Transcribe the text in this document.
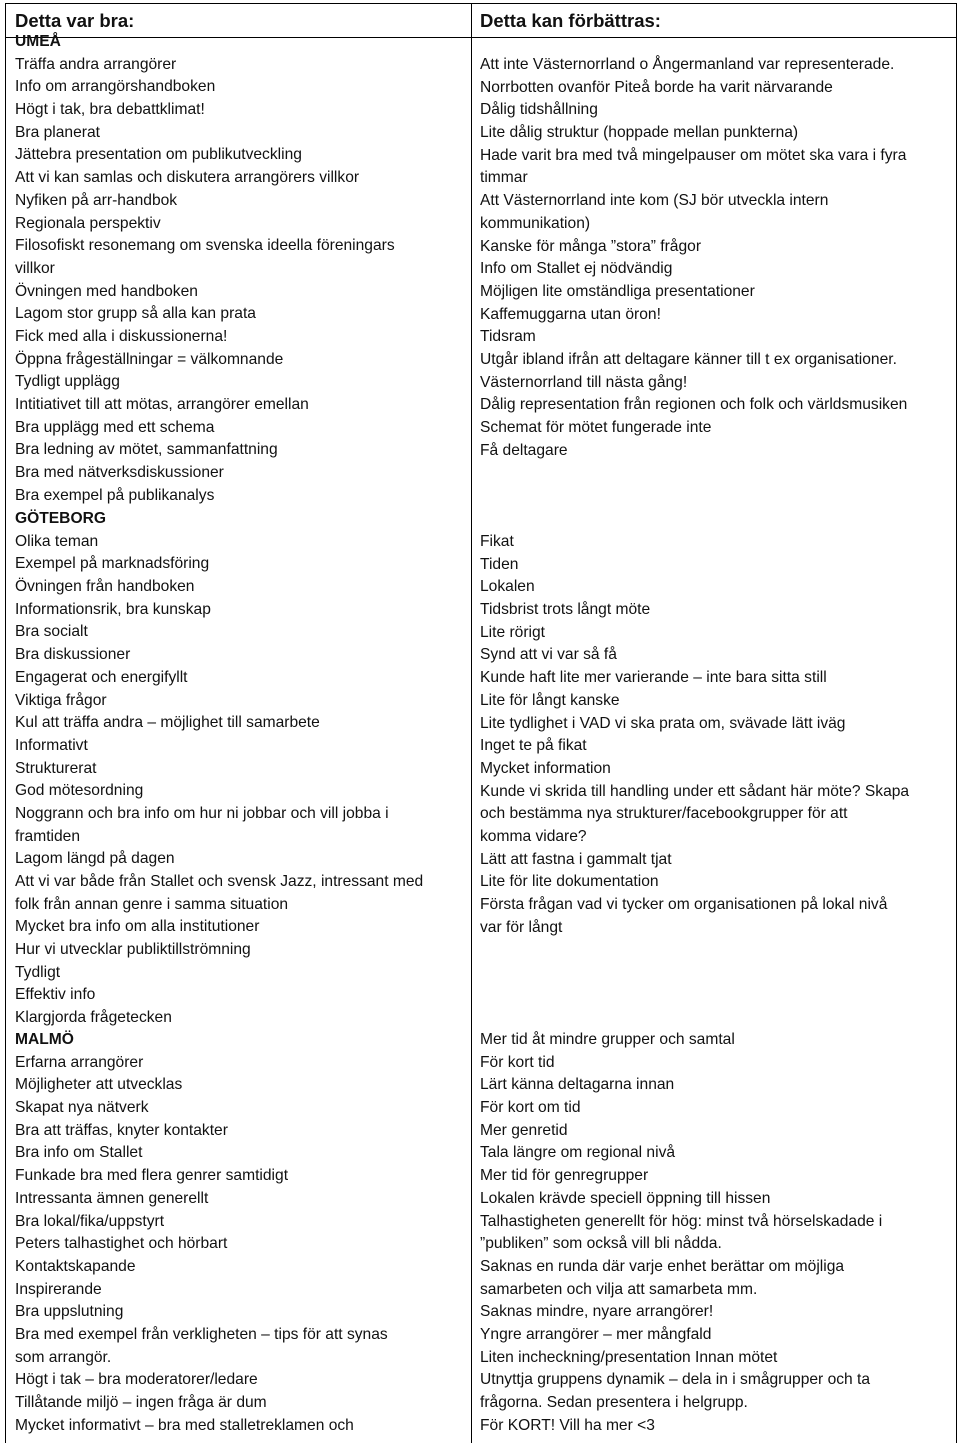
Detta var bra:	Detta kan förbättras:
UMEÅ
Träffa andra arrangörer
Info om arrangörshandboken
Högt i tak, bra debattklimat!
Bra planerat
Jättebra presentation om publikutveckling
Att vi kan samlas och diskutera arrangörers villkor
Nyfiken på arr-handbok
Regionala perspektiv
Filosofiskt resonemang om svenska ideella föreningars
villkor
Övningen med handboken
Lagom stor grupp så alla kan prata
Fick med alla i diskussionerna!
Öppna frågeställningar = välkomnande
Tydligt upplägg
Intitiativet till att mötas, arrangörer emellan
Bra upplägg med ett schema
Bra ledning av mötet, sammanfattning
Bra med nätverksdiskussioner
Bra exempel på publikanalys
Att inte Västernorrland o Ångermanland var representerade.
Norrbotten ovanför Piteå borde ha varit närvarande
Dålig tidshållning
Lite dålig struktur (hoppade mellan punkterna)
Hade varit bra med två mingelpauser om mötet ska vara i fyra
timmar
Att Västernorrland inte kom (SJ bör utveckla intern
kommunikation)
Kanske för många ”stora” frågor
Info om Stallet ej nödvändig
Möjligen lite omständliga presentationer
Kaffemuggarna utan öron!
Tidsram
Utgår ibland ifrån att deltagare känner till t ex organisationer.
Västernorrland till nästa gång!
Dålig representation från regionen och folk och världsmusiken
Schemat för mötet fungerade inte
Få deltagare
GÖTEBORG
Olika teman
Exempel på marknadsföring
Övningen från handboken
Informationsrik, bra kunskap
Bra socialt
Bra diskussioner
Engagerat och energifyllt
Viktiga frågor
Kul att träffa andra – möjlighet till samarbete
Informativt
Strukturerat
God mötesordning
Noggrann och bra info om hur ni jobbar och vill jobba i
framtiden
Lagom längd på dagen
Att vi var både från Stallet och svensk Jazz, intressant med
folk från annan genre i samma situation
Mycket bra info om alla institutioner
Hur vi utvecklar publiktillströmning
Tydligt
Effektiv info
Klargjorda frågetecken
Fikat
Tiden
Lokalen
Tidsbrist trots långt möte
Lite rörigt
Synd att vi var så få
Kunde haft lite mer varierande – inte bara sitta still
Lite för långt kanske
Lite tydlighet i VAD vi ska prata om, svävade lätt iväg
Inget te på fikat
Mycket information
Kunde vi skrida till handling under ett sådant här möte? Skapa
och bestämma nya strukturer/facebookgrupper för att
komma vidare?
Lätt att fastna i gammalt tjat
Lite för lite dokumentation
Första frågan vad vi tycker om organisationen på lokal nivå
var för långt
MALMÖ
Erfarna arrangörer
Möjligheter att utvecklas
Skapat nya nätverk
Bra att träffas, knyter kontakter
Bra info om Stallet
Funkade bra med flera genrer samtidigt
Intressanta ämnen generellt
Bra lokal/fika/uppstyrt
Peters talhastighet och hörbart
Kontaktskapande
Inspirerande
Bra uppslutning
Bra med exempel från verkligheten – tips för att synas
som arrangör.
Högt i tak – bra moderatorer/ledare
Tillåtande miljö – ingen fråga är dum
Mycket informativt – bra med stalletreklamen och
Mer tid åt mindre grupper och samtal
För kort tid
Lärt känna deltagarna innan
För kort om tid
Mer genretid
Tala längre om regional nivå
Mer tid för genregrupper
Lokalen krävde speciell öppning till hissen
Talhastigheten generellt för hög: minst två hörselskadade i
”publiken” som också vill bli nådda.
Saknas en runda där varje enhet berättar om möjliga
samarbeten och vilja att samarbeta mm.
Saknas mindre, nyare arrangörer!
Yngre arrangörer – mer mångfald
Liten incheckning/presentation Innan mötet
Utnyttja gruppens dynamik – dela in i smågrupper och ta
frågorna. Sedan presentera i helgrupp.
För KORT! Vill ha mer <3
